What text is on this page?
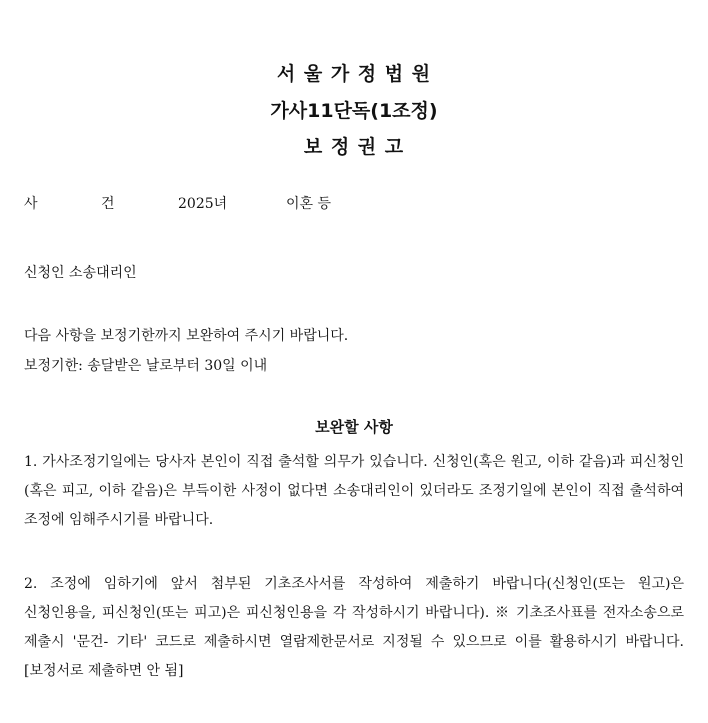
서 울 가 정 법 원
가사11단독(1조정)
보 정 권 고
사	건	2025녀	이혼 등
신청인 소송대리인
다음 사항을 보정기한까지 보완하여 주시기 바랍니다.
보정기한: 송달받은 날로부터 30일 이내
보완할 사항
1. 가사조정기일에는 당사자 본인이 직접 출석할 의무가 있습니다. 신청인(혹은 원고, 이하 같음)과 피신청인(혹은 피고, 이하 같음)은 부득이한 사정이 없다면 소송대리인이 있더라도 조정기일에 본인이 직접 출석하여 조정에 임해주시기를 바랍니다.
2. 조정에 임하기에 앞서 첨부된 기초조사서를 작성하여 제출하기 바랍니다(신청인(또는 원고)은 신청인용을, 피신청인(또는 피고)은 피신청인용을 각 작성하시기 바랍니다). ※ 기초조사표를 전자소송으로 제출시 '문건- 기타' 코드로 제출하시면 열람제한문서로 지정될 수 있으므로 이를 활용하시기 바랍니다.[보정서로 제출하면 안 됨]
